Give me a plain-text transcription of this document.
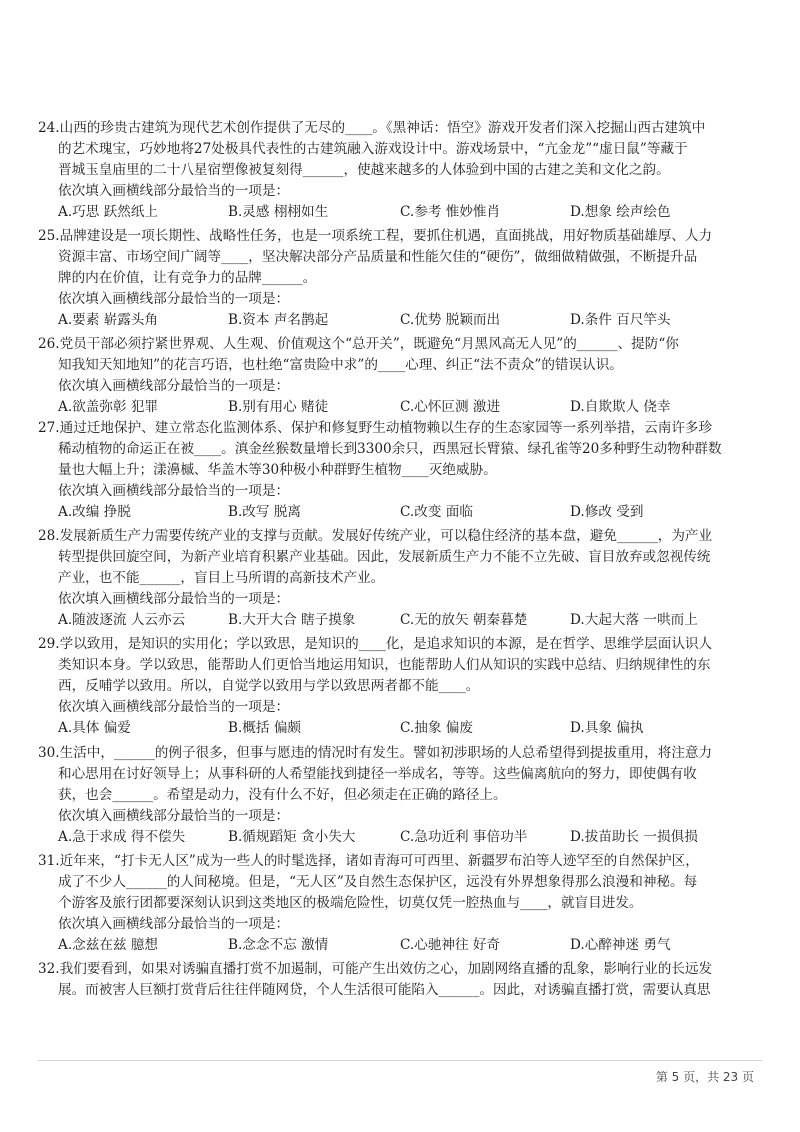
24.山西的珍贵古建筑为现代艺术创作提供了无尽的____。《黑神话：悟空》游戏开发者们深入挖掘山西古建筑中
的艺术瑰宝，巧妙地将27处极具代表性的古建筑融入游戏设计中。游戏场景中，“亢金龙”“虚日鼠”等藏于
晋城玉皇庙里的二十八星宿塑像被复刻得______，使越来越多的人体验到中国的古建之美和文化之韵。
依次填入画横线部分最恰当的一项是：
A.巧思 跃然纸上	B.灵感 栩栩如生	C.参考 惟妙惟肖	D.想象 绘声绘色
25.品牌建设是一项长期性、战略性任务，也是一项系统工程，要抓住机遇，直面挑战，用好物质基础雄厚、人力
资源丰富、市场空间广阔等____，坚决解决部分产品质量和性能欠佳的“硬伤”，做细做精做强，不断提升品
牌的内在价值，让有竞争力的品牌______。
依次填入画横线部分最恰当的一项是：
A.要素 崭露头角	B.资本 声名鹊起	C.优势 脱颖而出	D.条件 百尺竿头
26.党员干部必须拧紧世界观、人生观、价值观这个“总开关”，既避免“月黑风高无人见”的______、提防“你
知我知天知地知”的花言巧语，也杜绝“富贵险中求”的____心理、纠正“法不责众”的错误认识。
依次填入画横线部分最恰当的一项是：
A.欲盖弥彰 犯罪	B.别有用心 赌徒	C.心怀叵测 激进	D.自欺欺人 侥幸
27.通过迁地保护、建立常态化监测体系、保护和修复野生动植物赖以生存的生态家园等一系列举措，云南许多珍
稀动植物的命运正在被____。滇金丝猴数量增长到3300余只，西黑冠长臂猿、绿孔雀等20多种野生动物种群数
量也大幅上升；漾濞槭、华盖木等30种极小种群野生植物____灭绝威胁。
依次填入画横线部分最恰当的一项是：
A.改编 挣脱	B.改写 脱离	C.改变 面临	D.修改 受到
28.发展新质生产力需要传统产业的支撑与贡献。发展好传统产业，可以稳住经济的基本盘，避免______，为产业
转型提供回旋空间，为新产业培育积累产业基础。因此，发展新质生产力不能不立先破、盲目放弃或忽视传统
产业，也不能______，盲目上马所谓的高新技术产业。
依次填入画横线部分最恰当的一项是：
A.随波逐流 人云亦云	B.大开大合 瞎子摸象	C.无的放矢 朝秦暮楚	D.大起大落 一哄而上
29.学以致用，是知识的实用化；学以致思，是知识的____化，是追求知识的本源，是在哲学、思维学层面认识人
类知识本身。学以致思，能帮助人们更恰当地运用知识，也能帮助人们从知识的实践中总结、归纳规律性的东
西，反哺学以致用。所以，自觉学以致用与学以致思两者都不能____。
依次填入画横线部分最恰当的一项是：
A.具体 偏爱	B.概括 偏颇	C.抽象 偏废	D.具象 偏执
30.生活中，______的例子很多，但事与愿违的情况时有发生。譬如初涉职场的人总希望得到提拔重用，将注意力
和心思用在讨好领导上；从事科研的人希望能找到捷径一举成名，等等。这些偏离航向的努力，即使偶有收
获，也会______。希望是动力，没有什么不好，但必须走在正确的路径上。
依次填入画横线部分最恰当的一项是：
A.急于求成 得不偿失	B.循规蹈矩 贪小失大	C.急功近利 事倍功半	D.拔苗助长 一损俱损
31.近年来，“打卡无人区”成为一些人的时髦选择，诸如青海可可西里、新疆罗布泊等人迹罕至的自然保护区，
成了不少人______的人间秘境。但是，“无人区”及自然生态保护区，远没有外界想象得那么浪漫和神秘。每
个游客及旅行团都要深刻认识到这类地区的极端危险性，切莫仅凭一腔热血与____，就盲目进发。
依次填入画横线部分最恰当的一项是：
A.念兹在兹 臆想	B.念念不忘 激情	C.心驰神往 好奇	D.心醉神迷 勇气
32.我们要看到，如果对诱骗直播打赏不加遏制，可能产生出效仿之心，加剧网络直播的乱象，影响行业的长远发
展。而被害人巨额打赏背后往往伴随网贷，个人生活很可能陷入______。因此，对诱骗直播打赏，需要认真思
第 5 页，共 23 页
